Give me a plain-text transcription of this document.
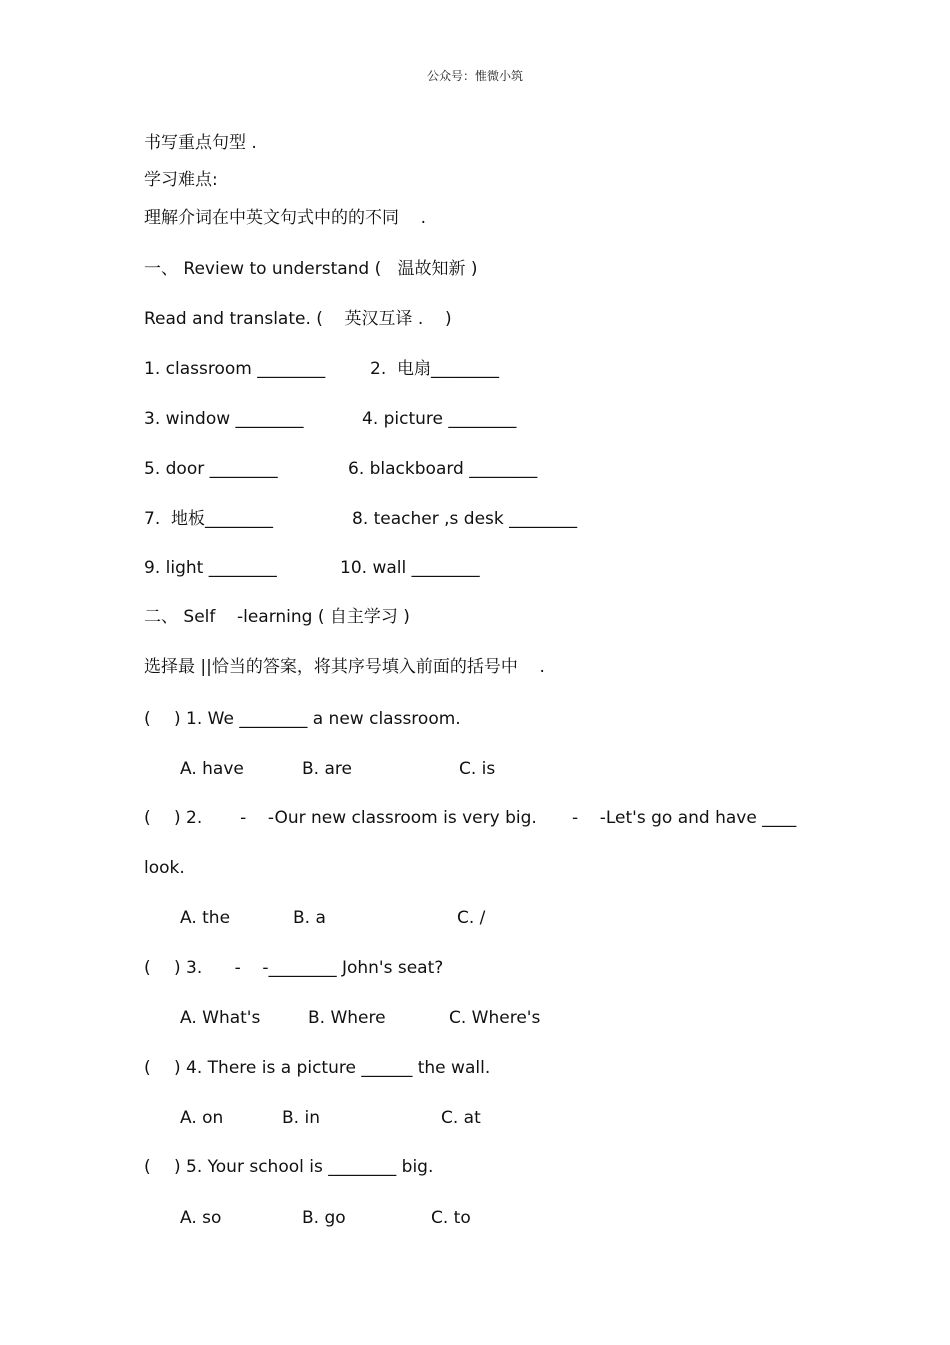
公众号：惟微小筑
书写重点句型 .
学习难点:
理解介词在中英文句式中的的不同    .
一、 Review to understand (   温故知新 )
Read and translate. (    英汉互译 .    )
1. classroom ________	2.  电扇________
3. window ________	4. picture ________
5. door ________	6. blackboard ________
7.  地板________	8. teacher ,s desk ________
9. light ________	10. wall ________
二、 Self    -learning ( 自主学习 )
选择最 ||恰当的答案，将其序号填入前面的括号中    .
( ) 1. We ________ a new classroom.
A. have	B. are	C. is
( ) 2.       -    -Our new classroom is very big. -    -Let's go and have ____
look.
A. the	B. a	C. /
( ) 3.      -    -________ John's seat?
A. What's	B. Where	C. Where's
( ) 4. There is a picture ______ the wall.
A. on	B. in	C. at
( ) 5. Your school is ________ big.
A. so	B. go	C. to
